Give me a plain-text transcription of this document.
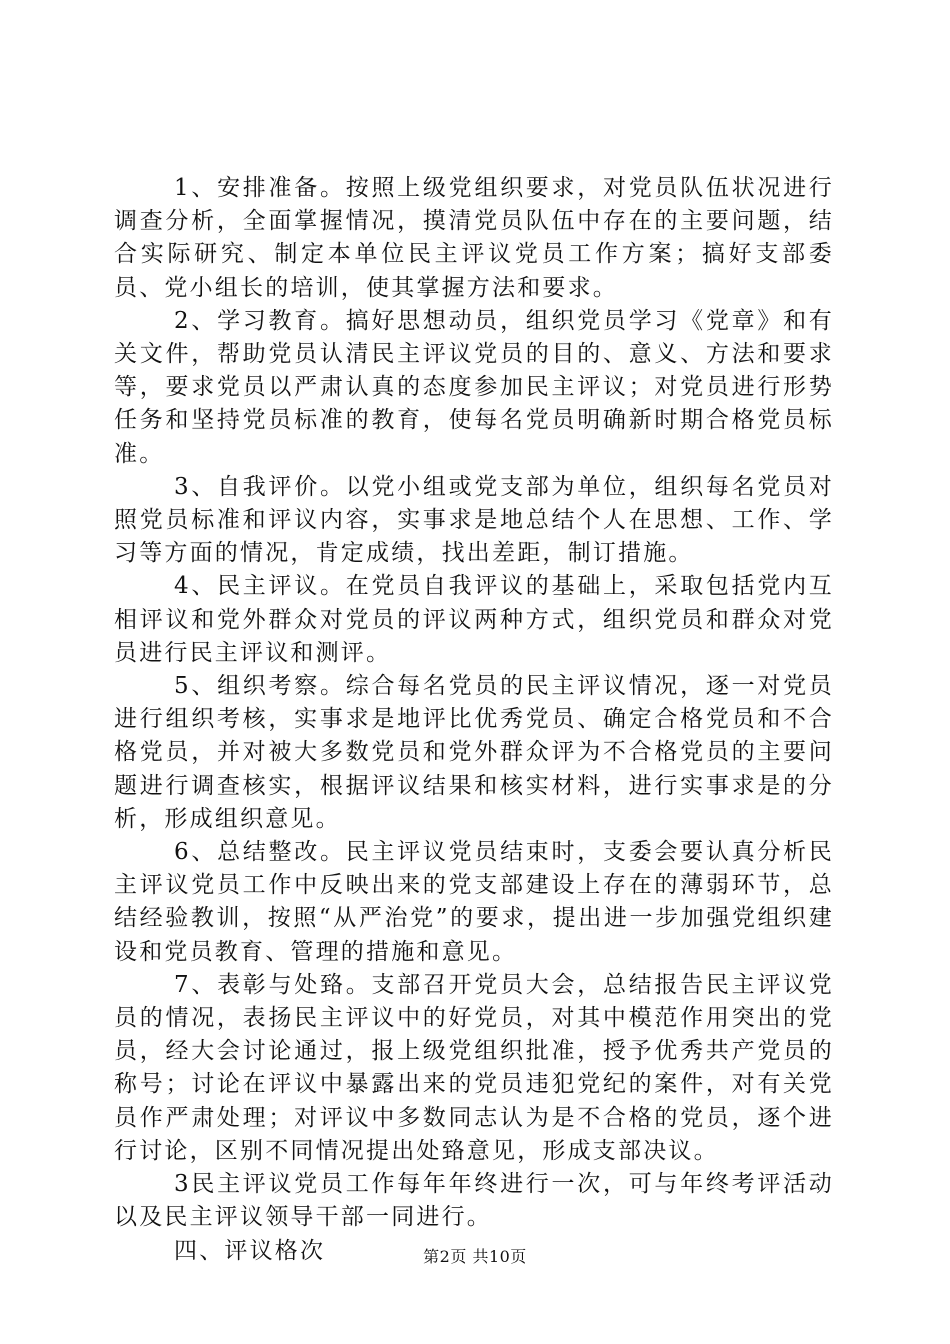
1、安排准备。按照上级党组织要求，对党员队伍状况进行调查分析，全面掌握情况，摸清党员队伍中存在的主要问题，结合实际研究、制定本单位民主评议党员工作方案；搞好支部委员、党小组长的培训，使其掌握方法和要求。

2、学习教育。搞好思想动员，组织党员学习《党章》和有关文件，帮助党员认清民主评议党员的目的、意义、方法和要求等，要求党员以严肃认真的态度参加民主评议；对党员进行形势任务和坚持党员标准的教育，使每名党员明确新时期合格党员标准。

3、自我评价。以党小组或党支部为单位，组织每名党员对照党员标准和评议内容，实事求是地总结个人在思想、工作、学习等方面的情况，肯定成绩，找出差距，制订措施。

4、民主评议。在党员自我评议的基础上，采取包括党内互相评议和党外群众对党员的评议两种方式，组织党员和群众对党员进行民主评议和测评。

5、组织考察。综合每名党员的民主评议情况，逐一对党员进行组织考核，实事求是地评比优秀党员、确定合格党员和不合格党员，并对被大多数党员和党外群众评为不合格党员的主要问题进行调查核实，根据评议结果和核实材料，进行实事求是的分析，形成组织意见。

6、总结整改。民主评议党员结束时，支委会要认真分析民主评议党员工作中反映出来的党支部建设上存在的薄弱环节，总结经验教训，按照“从严治党”的要求，提出进一步加强党组织建设和党员教育、管理的措施和意见。

7、表彰与处臵。支部召开党员大会，总结报告民主评议党员的情况，表扬民主评议中的好党员，对其中模范作用突出的党员，经大会讨论通过，报上级党组织批准，授予优秀共产党员的称号；讨论在评议中暴露出来的党员违犯党纪的案件，对有关党员作严肃处理；对评议中多数同志认为是不合格的党员，逐个进行讨论，区别不同情况提出处臵意见，形成支部决议。

3民主评议党员工作每年年终进行一次，可与年终考评活动以及民主评议领导干部一同进行。

四、评议格次	第2页 共10页
